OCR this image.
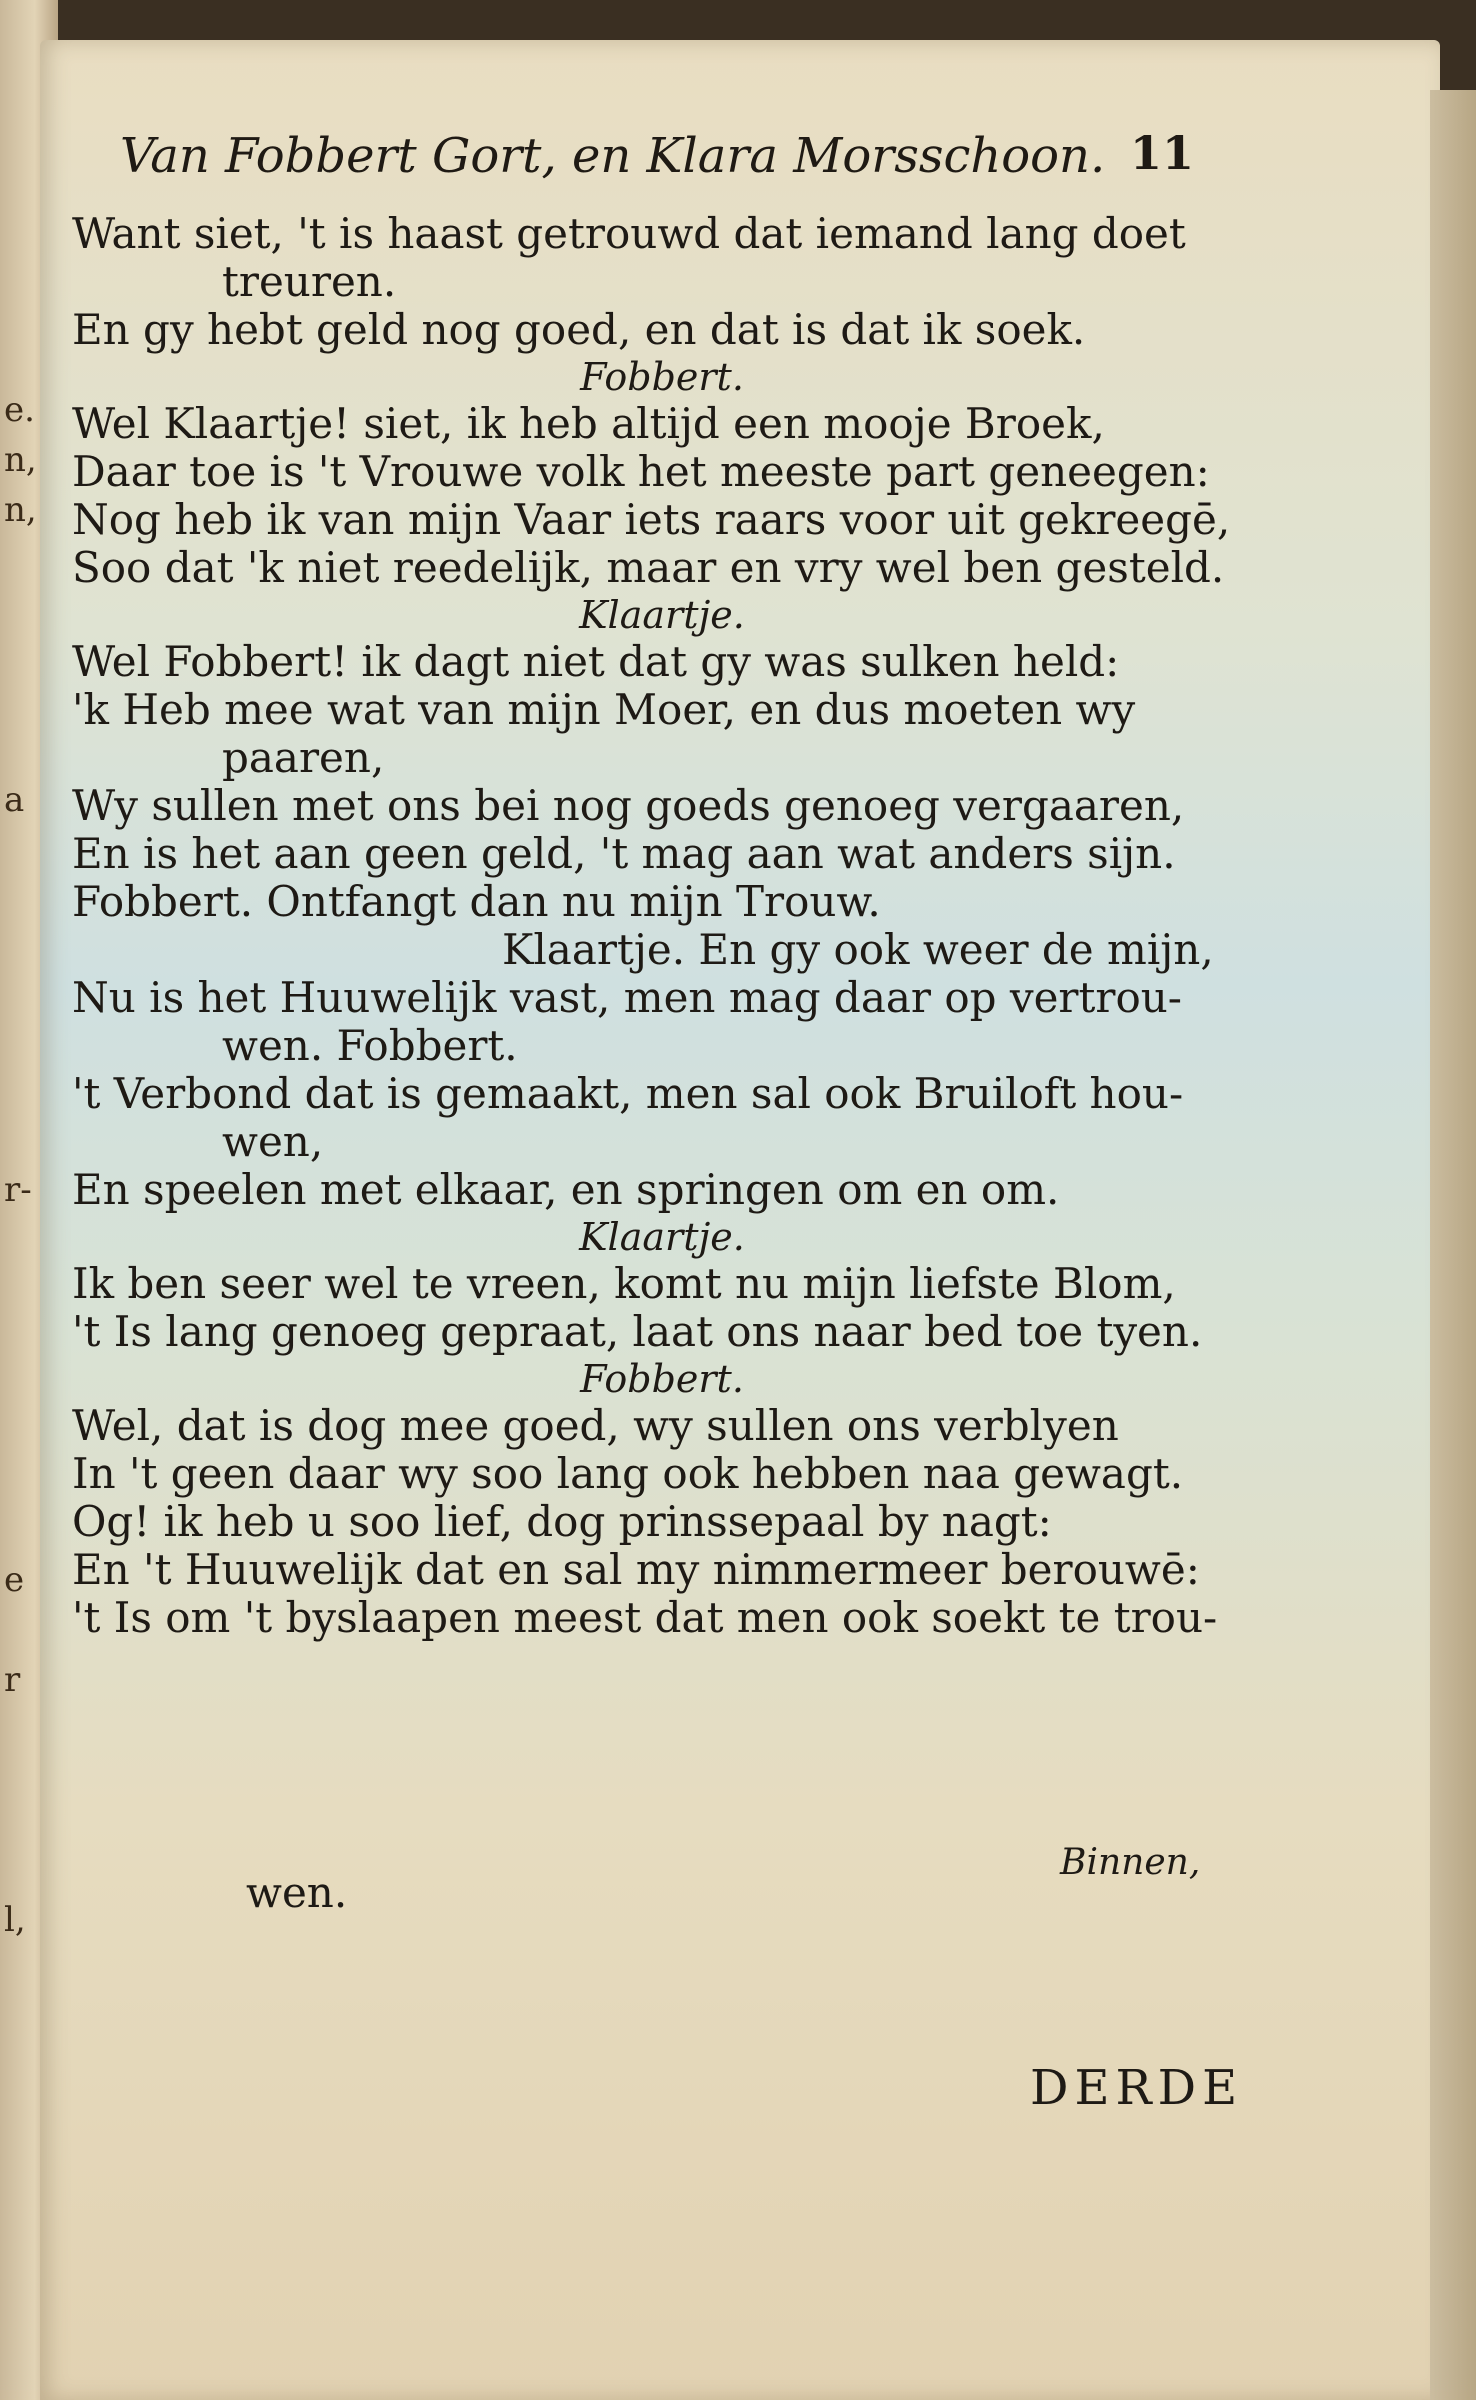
e.
n,
n,
a
r-
e
r
l,
Van Fobbert Gort, en Klara Morsschoon. 11
Want siet, 't is haast getrouwd dat iemand lang doet
treuren.
En gy hebt geld nog goed, en dat is dat ik soek.
Fobbert.
Wel Klaartje! siet, ik heb altijd een mooje Broek,
Daar toe is 't Vrouwe volk het meeste part geneegen:
Nog heb ik van mijn Vaar iets raars voor uit gekreegē,
Soo dat 'k niet reedelijk, maar en vry wel ben gesteld.
Klaartje.
Wel Fobbert! ik dagt niet dat gy was sulken held:
'k Heb mee wat van mijn Moer, en dus moeten wy
paaren,
Wy sullen met ons bei nog goeds genoeg vergaaren,
En is het aan geen geld, 't mag aan wat anders sijn.
Fobbert. Ontfangt dan nu mijn Trouw.
Klaartje. En gy ook weer de mijn,
Nu is het Huuwelijk vast, men mag daar op vertrou-
wen. Fobbert.
't Verbond dat is gemaakt, men sal ook Bruiloft hou-
wen,
En speelen met elkaar, en springen om en om.
Klaartje.
Ik ben seer wel te vreen, komt nu mijn liefste Blom,
't Is lang genoeg gepraat, laat ons naar bed toe tyen.
Fobbert.
Wel, dat is dog mee goed, wy sullen ons verblyen
In 't geen daar wy soo lang ook hebben naa gewagt.
Og! ik heb u soo lief, dog prinssepaal by nagt:
En 't Huuwelijk dat en sal my nimmermeer berouwē:
't Is om 't byslaapen meest dat men ook soekt te trou-
wen.
Binnen,
DERDE
